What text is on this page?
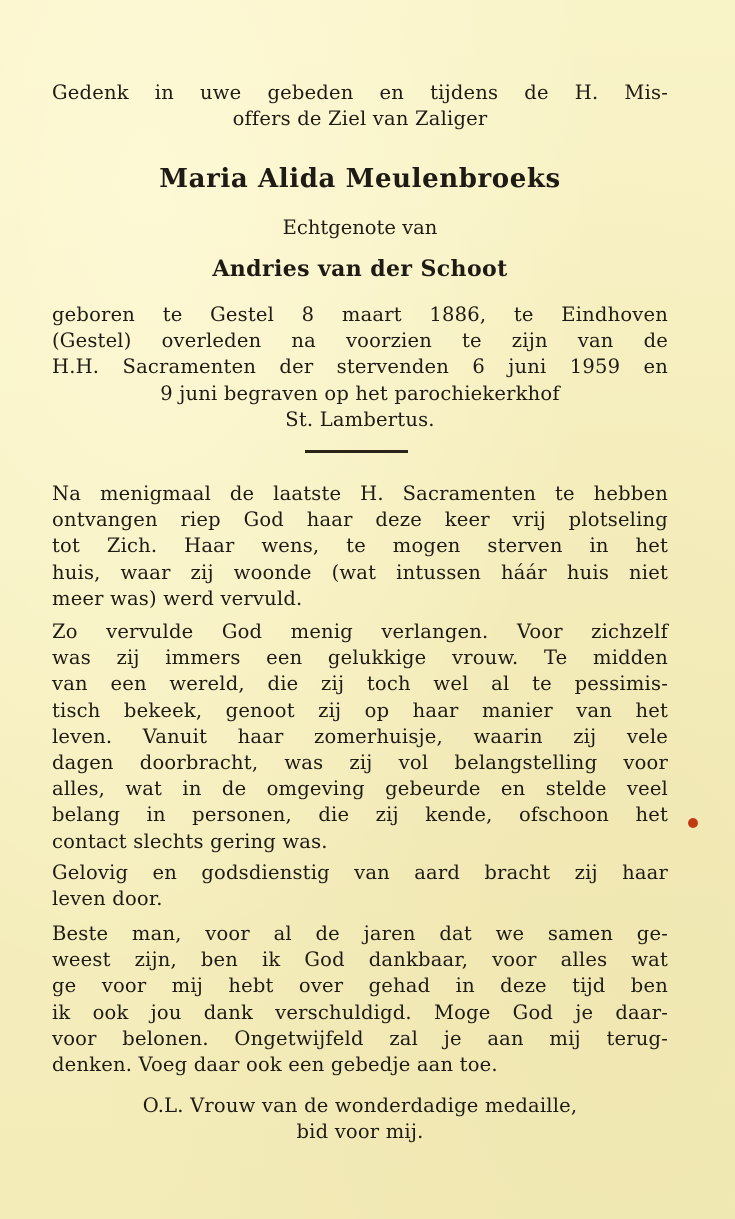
Gedenk in uwe gebeden en tijdens de H. Mis-
offers de Ziel van Zaliger
Maria Alida Meulenbroeks
Echtgenote van
Andries van der Schoot
geboren te Gestel 8 maart 1886, te Eindhoven
(Gestel) overleden na voorzien te zijn van de
H.H. Sacramenten der stervenden 6 juni 1959 en
9 juni begraven op het parochiekerkhof
St. Lambertus.
Na menigmaal de laatste H. Sacramenten te hebben
ontvangen riep God haar deze keer vrij plotseling
tot Zich. Haar wens, te mogen sterven in het
huis, waar zij woonde (wat intussen háár huis niet
meer was) werd vervuld.
Zo vervulde God menig verlangen. Voor zichzelf
was zij immers een gelukkige vrouw. Te midden
van een wereld, die zij toch wel al te pessimis-
tisch bekeek, genoot zij op haar manier van het
leven. Vanuit haar zomerhuisje, waarin zij vele
dagen doorbracht, was zij vol belangstelling voor
alles, wat in de omgeving gebeurde en stelde veel
belang in personen, die zij kende, ofschoon het
contact slechts gering was.
Gelovig en godsdienstig van aard bracht zij haar
leven door.
Beste man, voor al de jaren dat we samen ge-
weest zijn, ben ik God dankbaar, voor alles wat
ge voor mij hebt over gehad in deze tijd ben
ik ook jou dank verschuldigd. Moge God je daar-
voor belonen. Ongetwijfeld zal je aan mij terug-
denken. Voeg daar ook een gebedje aan toe.
O.L. Vrouw van de wonderdadige medaille,
bid voor mij.
